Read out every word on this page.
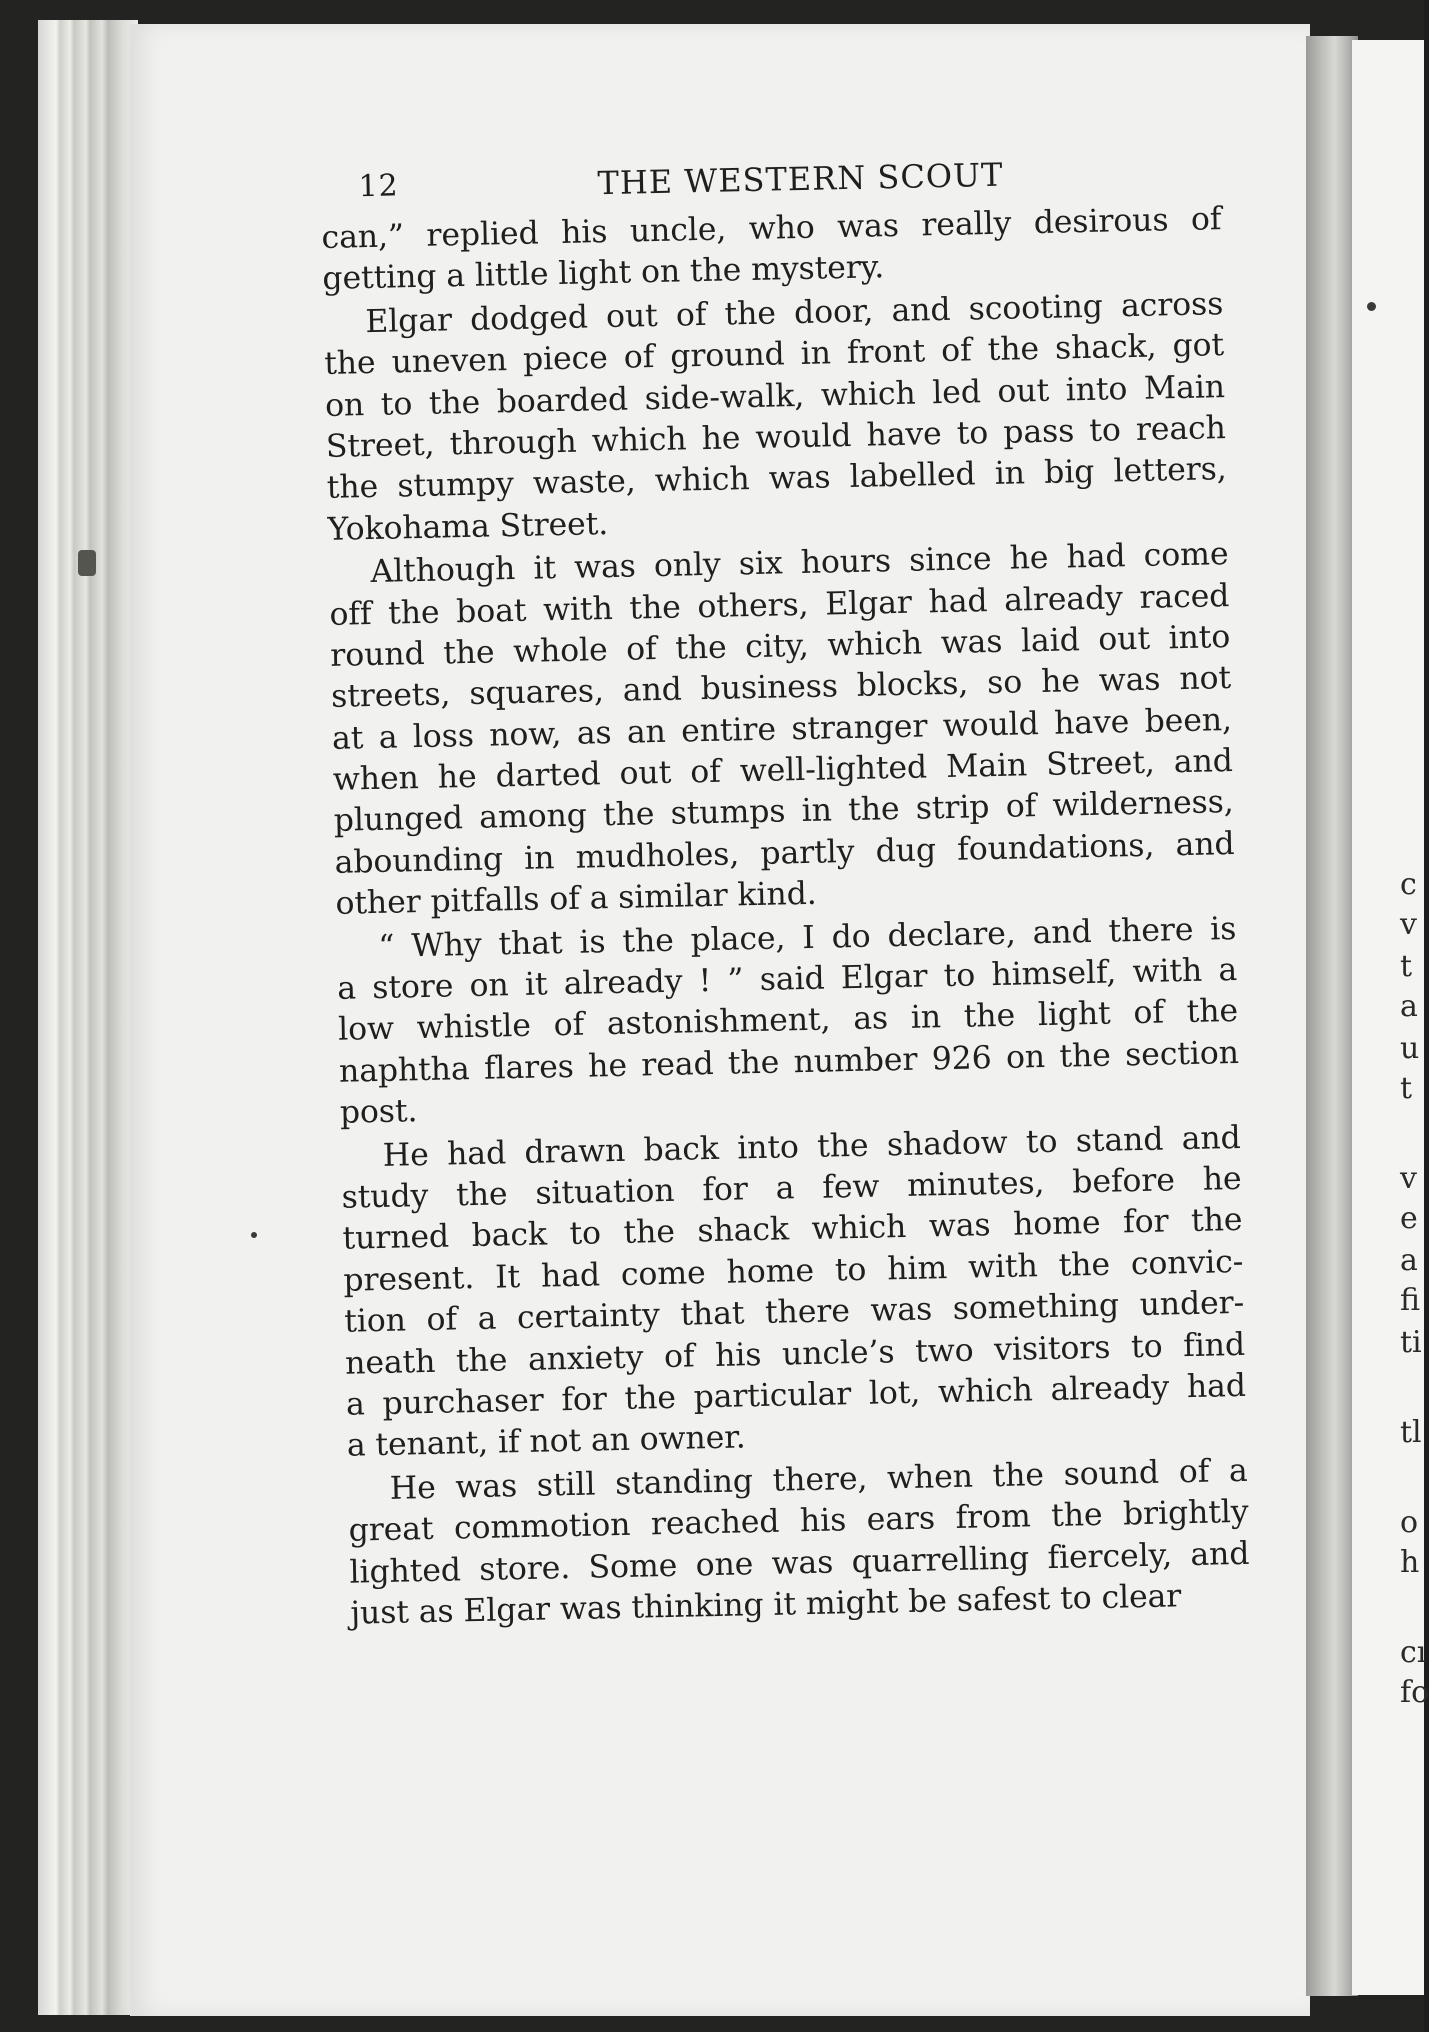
c
v
t
a
u
t
v
e
a
fi
ti
tl
o
h
cı
fo
12	THE WESTERN SCOUT
can,” replied his uncle, who was really desirous of
getting a little light on the mystery.
Elgar dodged out of the door, and scooting across
the uneven piece of ground in front of the shack, got
on to the boarded side-walk, which led out into Main
Street, through which he would have to pass to reach
the stumpy waste, which was labelled in big letters,
Yokohama Street.
Although it was only six hours since he had come
off the boat with the others, Elgar had already raced
round the whole of the city, which was laid out into
streets, squares, and business blocks, so he was not
at a loss now, as an entire stranger would have been,
when he darted out of well-lighted Main Street, and
plunged among the stumps in the strip of wilderness,
abounding in mudholes, partly dug foundations, and
other pitfalls of a similar kind.
“ Why that is the place, I do declare, and there is
a store on it already ! ” said Elgar to himself, with a
low whistle of astonishment, as in the light of the
naphtha flares he read the number 926 on the section
post.
He had drawn back into the shadow to stand and
study the situation for a few minutes, before he
turned back to the shack which was home for the
present. It had come home to him with the convic-
tion of a certainty that there was something under-
neath the anxiety of his uncle’s two visitors to find
a purchaser for the particular lot, which already had
a tenant, if not an owner.
He was still standing there, when the sound of a
great commotion reached his ears from the brightly
lighted store. Some one was quarrelling fiercely, and
just as Elgar was thinking it might be safest to clear
